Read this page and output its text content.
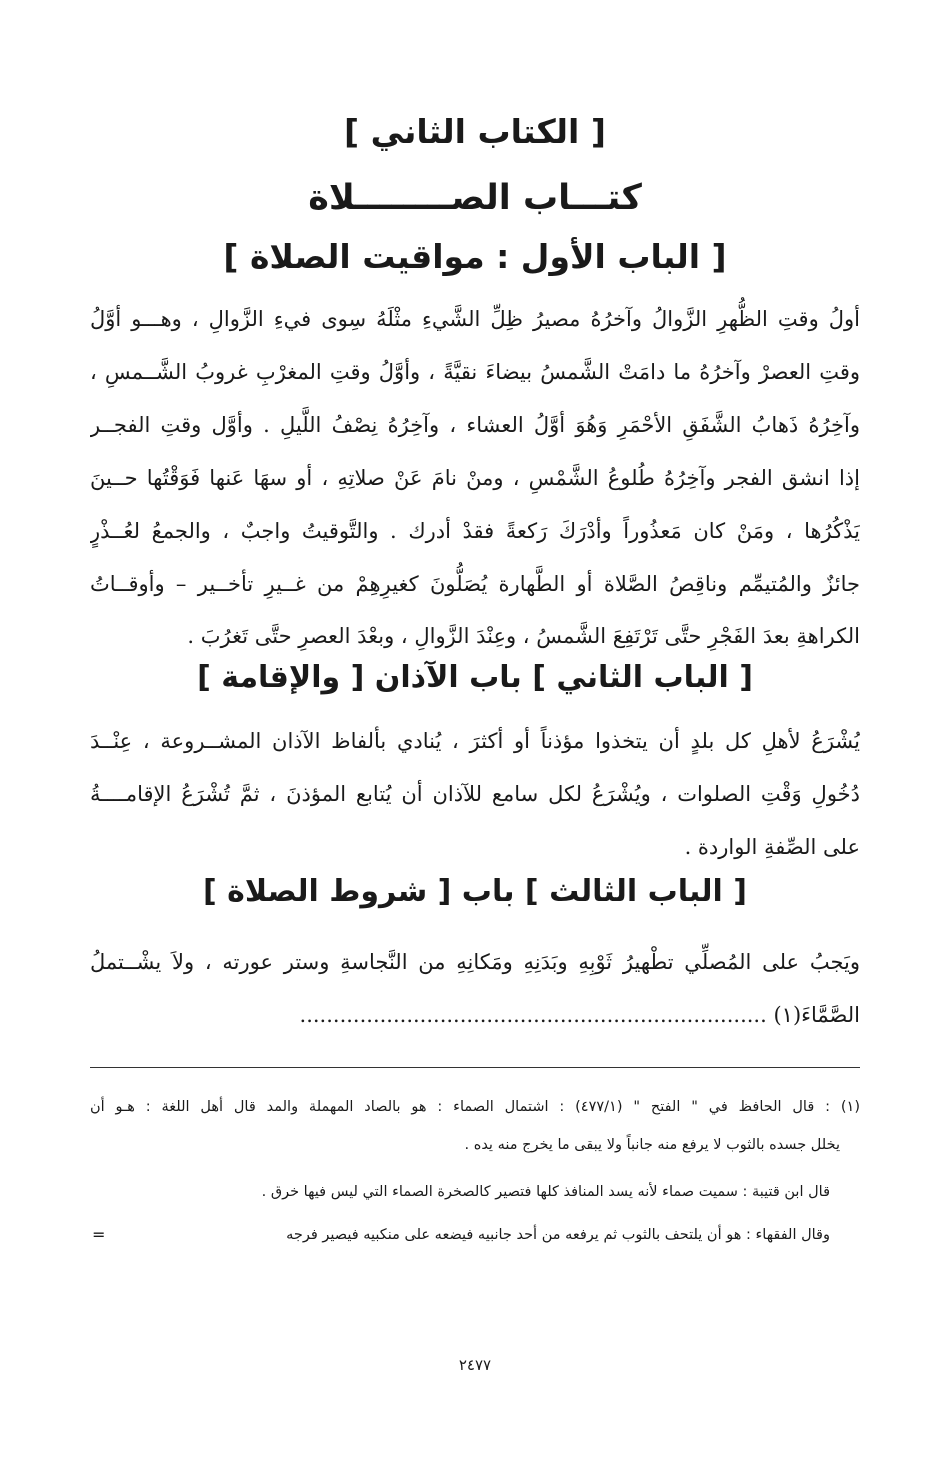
[ الكتاب الثاني ]
كتـــاب الصــــــــلاة
[ الباب الأول : مواقيت الصلاة ]
أولُ وقتِ الظُّهرِ الزَّوالُ وآخرُهُ مصيرُ ظِلِّ الشَّيءِ مثْلَهُ سِوى فيءِ الزَّوالِ ، وهـــو أوَّلُ
وقتِ العصرْ وآخرُهُ ما دامَتْ الشَّمسُ بيضاءَ نقيَّةً ، وأوَّلُ وقتِ المغرْبِ غروبُ الشَّــمسِ ،
وآخِرُهُ ذَهابُ الشَّفَقِ الأحْمَرِ وَهُوَ أوَّلُ العشاء ، وآخِرُهُ نِصْفُ اللَّيلِ . وأوَّل وقتِ الفجــر
إذا انشق الفجر وآخِرُهُ طُلوعُ الشَّمْسِ ، ومنْ نامَ عَنْ صلاتِهِ ، أو سهَا عَنها فَوَقْتُها حــينَ
يَذْكُرُها ، ومَنْ كان مَعذُوراً وأدْرَكَ رَكعةً فقدْ أدرك . والتَّوقيتُ واجبٌ ، والجمعُ لعُــذْرٍ
جائزٌ والمُتيمِّم وناقِصُ الصَّلاة أو الطَّهارة يُصَلُّونَ كغيرِهِمْ من غــيرِ تأخــير – وأوقــاتُ
الكراهةِ بعدَ الفَجْرِ حتَّى تَرْتَفِعَ الشَّمسُ ، وعِنْدَ الزَّوالِ ، وبعْدَ العصرِ حتَّى تَغرُبَ .
[ الباب الثاني ] باب الآذان [ والإقامة ]
يُشْرَعُ لأهلِ كل بلدٍ أن يتخذوا مؤذناً أو أكثرَ ، يُنادي بألفاظ الآذان المشــروعة ، عِنْــدَ
دُخُولِ وَقْتِ الصلوات ، ويُشْرَعُ لكل سامع للآذان أن يُتابع المؤذنَ ، ثمَّ تُشْرَعُ الإقامــــةُ
على الصِّفةِ الواردة .
[ الباب الثالث ] باب [ شروط الصلاة ]
ويَجبُ على المُصلِّي تطْهيرُ ثَوْبِهِ وبَدَنِهِ ومَكانِهِ من النَّجاسةِ وستر عورته ، ولاَ يشْــتملُ
الصَّمَّاءَ(١) ......................................................................
(١) : قال الحافظ في " الفتح " (٤٧٧/١) : اشتمال الصماء : هو بالصاد المهملة والمد قال أهل اللغة : هـو أن
يخلل جسده بالثوب لا يرفع منه جانباً ولا يبقى ما يخرج منه يده .
قال ابن قتيبة : سميت صماء لأنه يسد المنافذ كلها فتصير كالصخرة الصماء التي ليس فيها خرق .
وقال الفقهاء : هو أن يلتحف بالثوب ثم يرفعه من أحد جانبيه فيضعه على منكبيه فيصير فرجه
=
٢٤٧٧
